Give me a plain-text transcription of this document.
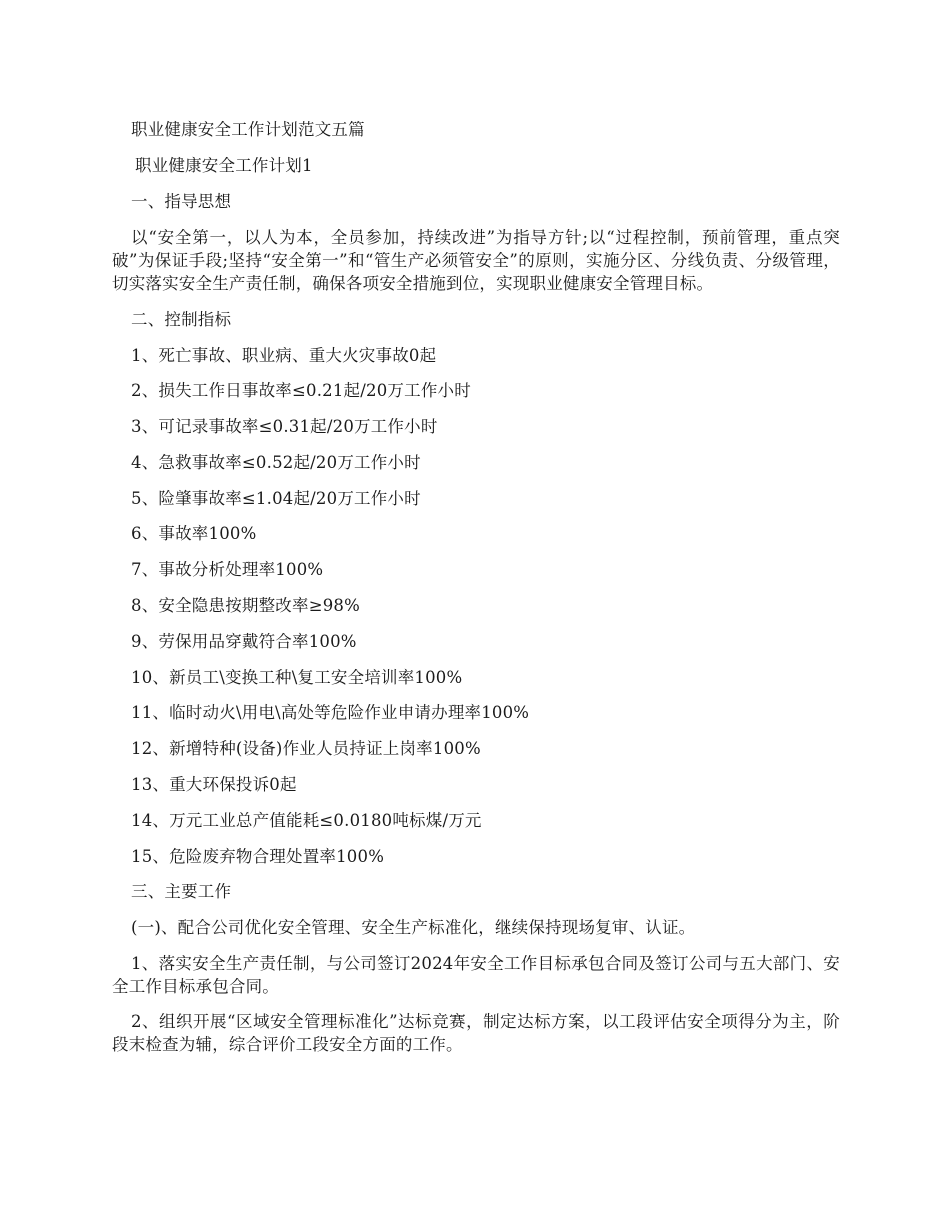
职业健康安全工作计划范文五篇

职业健康安全工作计划1

一、指导思想

以“安全第一，以人为本，全员参加，持续改进”为指导方针;以“过程控制，预前管理，重点突破”为保证手段;坚持“安全第一”和“管生产必须管安全”的原则，实施分区、分线负责、分级管理，切实落实安全生产责任制，确保各项安全措施到位，实现职业健康安全管理目标。

二、控制指标

1、死亡事故、职业病、重大火灾事故0起

2、损失工作日事故率≤0.21起/20万工作小时

3、可记录事故率≤0.31起/20万工作小时

4、急救事故率≤0.52起/20万工作小时

5、险肇事故率≤1.04起/20万工作小时

6、事故率100%

7、事故分析处理率100%

8、安全隐患按期整改率≥98%

9、劳保用品穿戴符合率100%

10、新员工\变换工种\复工安全培训率100%

11、临时动火\用电\高处等危险作业申请办理率100%

12、新增特种(设备)作业人员持证上岗率100%

13、重大环保投诉0起

14、万元工业总产值能耗≤0.0180吨标煤/万元

15、危险废弃物合理处置率100%

三、主要工作

(一)、配合公司优化安全管理、安全生产标准化，继续保持现场复审、认证。

1、落实安全生产责任制，与公司签订2024年安全工作目标承包合同及签订公司与五大部门、安全工作目标承包合同。

2、组织开展“区域安全管理标准化”达标竞赛，制定达标方案，以工段评估安全项得分为主，阶段末检查为辅，综合评价工段安全方面的工作。
